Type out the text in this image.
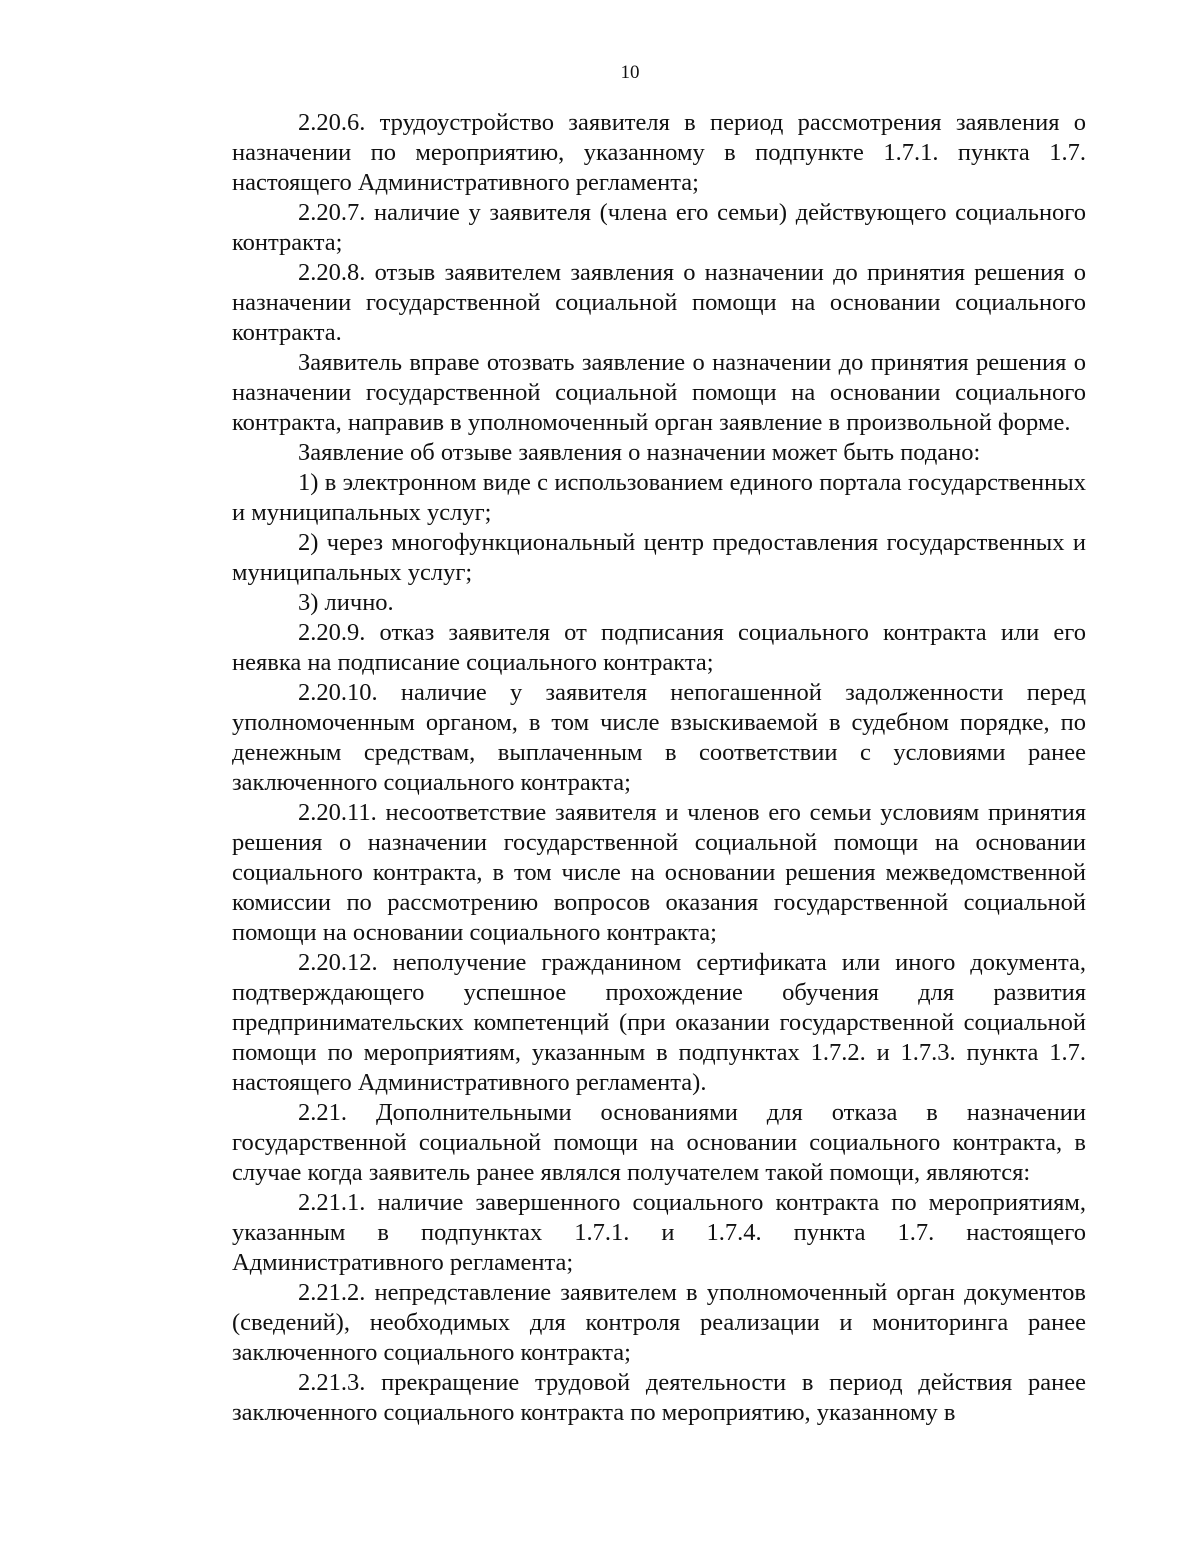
10

2.20.6. трудоустройство заявителя в период рассмотрения заявления о назначении по мероприятию, указанному в подпункте 1.7.1. пункта 1.7. настоящего Административного регламента;

2.20.7. наличие у заявителя (члена его семьи) действующего социального контракта;

2.20.8. отзыв заявителем заявления о назначении до принятия решения о назначении государственной социальной помощи на основании социального контракта.

Заявитель вправе отозвать заявление о назначении до принятия решения о назначении государственной социальной помощи на основании социального контракта, направив в уполномоченный орган заявление в произвольной форме.

Заявление об отзыве заявления о назначении может быть подано:

1) в электронном виде с использованием единого портала государственных и муниципальных услуг;

2) через многофункциональный центр предоставления государственных и муниципальных услуг;

3) лично.

2.20.9. отказ заявителя от подписания социального контракта или его неявка на подписание социального контракта;

2.20.10. наличие у заявителя непогашенной задолженности перед уполномоченным органом, в том числе взыскиваемой в судебном порядке, по денежным средствам, выплаченным в соответствии с условиями ранее заключенного социального контракта;

2.20.11. несоответствие заявителя и членов его семьи условиям принятия решения о назначении государственной социальной помощи на основании социального контракта, в том числе на основании решения межведомственной комиссии по рассмотрению вопросов оказания государственной социальной помощи на основании социального контракта;

2.20.12. неполучение гражданином сертификата или иного документа, подтверждающего успешное прохождение обучения для развития предпринимательских компетенций (при оказании государственной социальной помощи по мероприятиям, указанным в подпунктах 1.7.2. и 1.7.3. пункта 1.7. настоящего Административного регламента).

2.21. Дополнительными основаниями для отказа в назначении государственной социальной помощи на основании социального контракта, в случае когда заявитель ранее являлся получателем такой помощи, являются:

2.21.1. наличие завершенного социального контракта по мероприятиям, указанным в подпунктах 1.7.1. и 1.7.4. пункта 1.7. настоящего Административного регламента;

2.21.2. непредставление заявителем в уполномоченный орган документов (сведений), необходимых для контроля реализации и мониторинга ранее заключенного социального контракта;

2.21.3. прекращение трудовой деятельности в период действия ранее заключенного социального контракта по мероприятию, указанному в
